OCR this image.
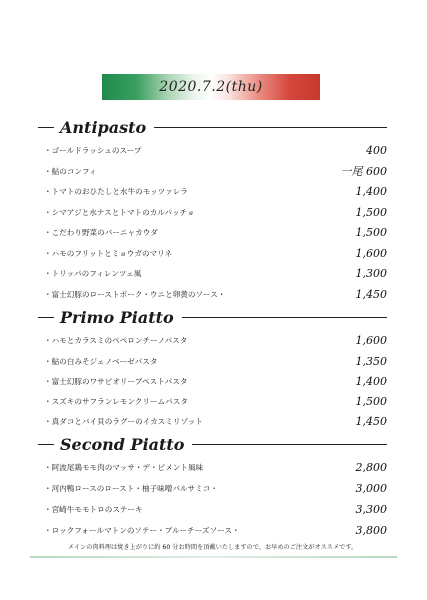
2020.7.2(thu)
Antipasto
・ゴールドラッシュのスープ	400
・鮎のコンフィ	一尾 600
・トマトのおひたしと水牛のモッツァレラ	1,400
・シマアジと水ナスとトマトのカルパッチョ	1,500
・こだわり野菜のバーニャカウダ	1,500
・ハモのフリットとミョウガのマリネ	1,600
・トリッパのフィレンツェ風	1,300
・富士幻豚のローストポーク・ウニと卵黄のソース・	1,450
Primo Piatto
・ハモとカラスミのペペロンチーノパスタ	1,600
・鮎の白みそジェノベーゼパスタ	1,350
・富士幻豚のワサビオリーブペストパスタ	1,400
・スズキのサフランレモンクリームパスタ	1,500
・真ダコとバイ貝のラグーのイカスミリゾット	1,450
Second Piatto
・阿波尾鶏モモ肉のマッサ・デ・ピメント風味	2,800
・河内鴨ロースのロースト・柚子味噌バルサミコ・	3,000
・宮崎牛モモトロのステーキ	3,300
・ロックフォールマトンのソテー・ブルーチーズソース・	3,800
メインの肉料理は焼き上がりに約 60 分お時間を頂戴いたしますので、お早めのご注文がオススメです。
